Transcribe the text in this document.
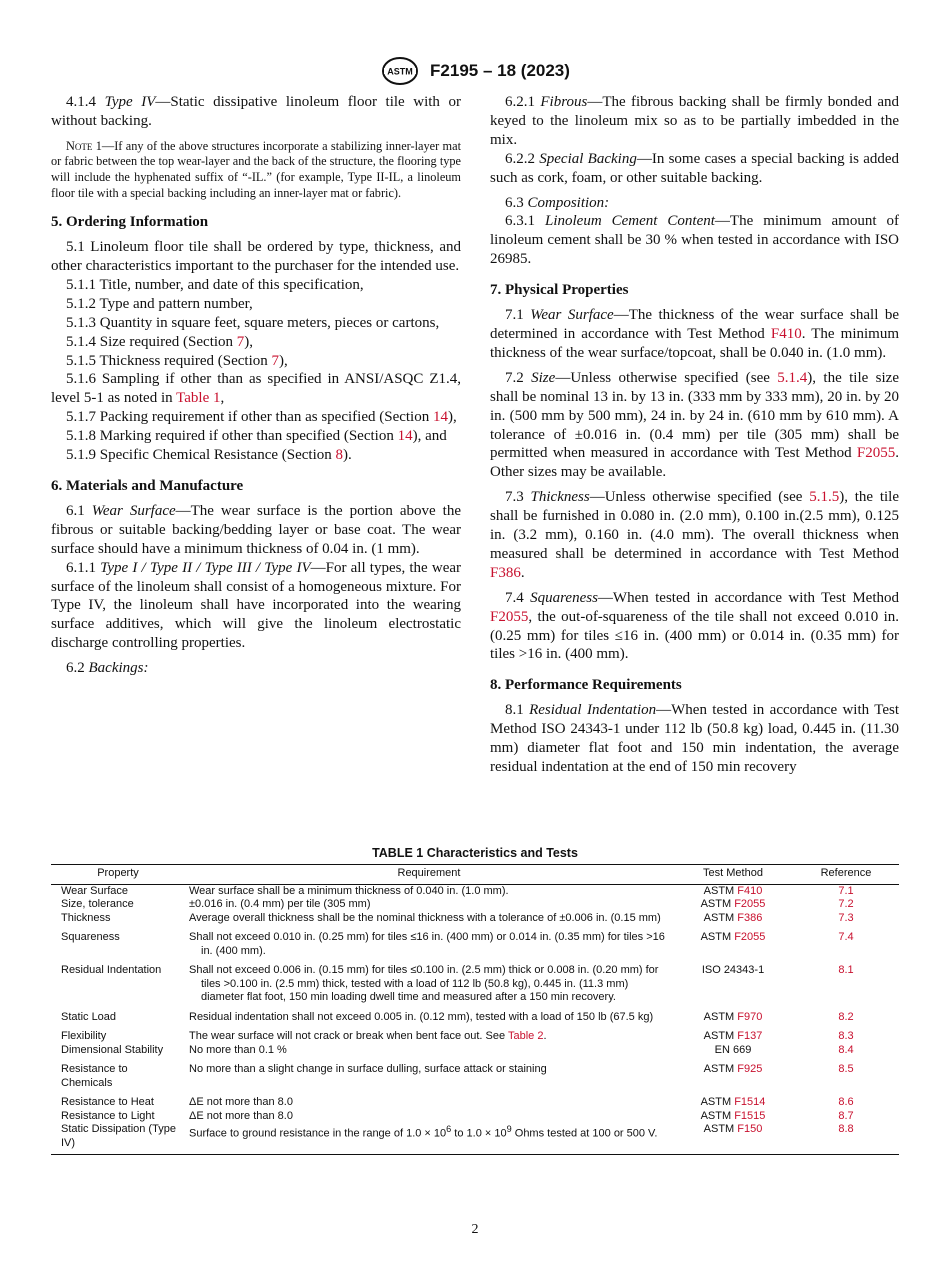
ASTM F2195 – 18 (2023)

4.1.4 Type IV—Static dissipative linoleum floor tile with or without backing.

Note 1—If any of the above structures incorporate a stabilizing inner-layer mat or fabric between the top wear-layer and the back of the structure, the flooring type will include the hyphenated suffix of “-IL.” (for example, Type II-IL, a linoleum floor tile with a special backing including an inner-layer mat or fabric).
5. Ordering Information

5.1 Linoleum floor tile shall be ordered by type, thickness, and other characteristics important to the purchaser for the intended use.

5.1.1 Title, number, and date of this specification,

5.1.2 Type and pattern number,

5.1.3 Quantity in square feet, square meters, pieces or cartons,

5.1.4 Size required (Section 7),

5.1.5 Thickness required (Section 7),

5.1.6 Sampling if other than as specified in ANSI/ASQC Z1.4, level 5-1 as noted in Table 1,

5.1.7 Packing requirement if other than as specified (Section 14),

5.1.8 Marking required if other than specified (Section 14), and

5.1.9 Specific Chemical Resistance (Section 8).

6. Materials and Manufacture

6.1 Wear Surface—The wear surface is the portion above the fibrous or suitable backing/bedding layer or base coat. The wear surface should have a minimum thickness of 0.04 in. (1 mm).

6.1.1 Type I / Type II / Type III / Type IV—For all types, the wear surface of the linoleum shall consist of a homogeneous mixture. For Type IV, the linoleum shall have incorporated into the wearing surface additives, which will give the linoleum electrostatic discharge controlling properties.

6.2 Backings:

6.2.1 Fibrous—The fibrous backing shall be firmly bonded and keyed to the linoleum mix so as to be partially imbedded in the mix.

6.2.2 Special Backing—In some cases a special backing is added such as cork, foam, or other suitable backing.

6.3 Composition:

6.3.1 Linoleum Cement Content—The minimum amount of linoleum cement shall be 30 % when tested in accordance with ISO 26985.

7. Physical Properties

7.1 Wear Surface—The thickness of the wear surface shall be determined in accordance with Test Method F410. The minimum thickness of the wear surface/topcoat, shall be 0.040 in. (1.0 mm).

7.2 Size—Unless otherwise specified (see 5.1.4), the tile size shall be nominal 13 in. by 13 in. (333 mm by 333 mm), 20 in. by 20 in. (500 mm by 500 mm), 24 in. by 24 in. (610 mm by 610 mm). A tolerance of ±0.016 in. (0.4 mm) per tile (305 mm) shall be permitted when measured in accordance with Test Method F2055. Other sizes may be available.

7.3 Thickness—Unless otherwise specified (see 5.1.5), the tile shall be furnished in 0.080 in. (2.0 mm), 0.100 in.(2.5 mm), 0.125 in. (3.2 mm), 0.160 in. (4.0 mm). The overall thickness when measured shall be determined in accordance with Test Method F386.

7.4 Squareness—When tested in accordance with Test Method F2055, the out-of-squareness of the tile shall not exceed 0.010 in. (0.25 mm) for tiles ≤16 in. (400 mm) or 0.014 in. (0.35 mm) for tiles >16 in. (400 mm).

8. Performance Requirements

8.1 Residual Indentation—When tested in accordance with Test Method ISO 24343-1 under 112 lb (50.8 kg) load, 0.445 in. (11.30 mm) diameter flat foot and 150 min indentation, the average residual indentation at the end of 150 min recovery

TABLE 1 Characteristics and Tests
Property	Requirement	Test Method	Reference
Wear Surface	Wear surface shall be a minimum thickness of 0.040 in. (1.0 mm).	ASTM F410	7.1
Size, tolerance	±0.016 in. (0.4 mm) per tile (305 mm)	ASTM F2055	7.2
Thickness	Average overall thickness shall be the nominal thickness with a tolerance of ±0.006 in. (0.15 mm)	ASTM F386	7.3
Squareness	Shall not exceed 0.010 in. (0.25 mm) for tiles ≤16 in. (400 mm) or 0.014 in. (0.35 mm) for tiles >16 in. (400 mm).	ASTM F2055	7.4
Residual Indentation	Shall not exceed 0.006 in. (0.15 mm) for tiles ≤0.100 in. (2.5 mm) thick or 0.008 in. (0.20 mm) for tiles >0.100 in. (2.5 mm) thick, tested with a load of 112 lb (50.8 kg), 0.445 in. (11.3 mm) diameter flat foot, 150 min loading dwell time and measured after a 150 min recovery.	ISO 24343-1	8.1
Static Load	Residual indentation shall not exceed 0.005 in. (0.12 mm), tested with a load of 150 lb (67.5 kg)	ASTM F970	8.2
Flexibility	The wear surface will not crack or break when bent face out. See Table 2.	ASTM F137	8.3
Dimensional Stability	No more than 0.1 %	EN 669	8.4
Resistance to Chemicals	No more than a slight change in surface dulling, surface attack or staining	ASTM F925	8.5
Resistance to Heat	ΔE not more than 8.0	ASTM F1514	8.6
Resistance to Light	ΔE not more than 8.0	ASTM F1515	8.7
Static Dissipation (Type IV)	Surface to ground resistance in the range of $1.0 \times 10^6$ to $1.0 \times 10^9$ Ohms tested at 100 or 500 V.	ASTM F150	8.8
2
